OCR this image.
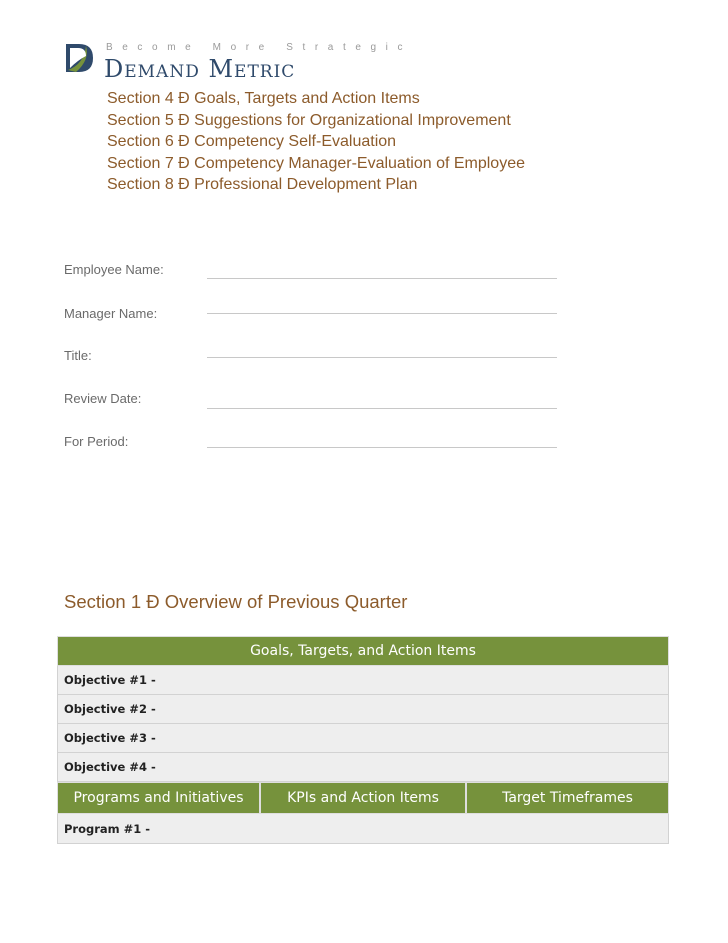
Become More Strategic
Demand Metric
Section 4 Ð Goals, Targets and Action Items
Section 5 Ð Suggestions for Organizational Improvement
Section 6 Ð Competency Self-Evaluation
Section 7 Ð Competency Manager-Evaluation of Employee
Section 8 Ð Professional Development Plan
Employee Name:
Manager Name:
Title:
Review Date:
For Period:
Section 1 Ð Overview of Previous Quarter
Goals, Targets, and Action Items
Objective #1 -
Objective #2 -
Objective #3 -
Objective #4 -
Programs and Initiatives	KPIs and Action Items	Target Timeframes
Program #1 -
